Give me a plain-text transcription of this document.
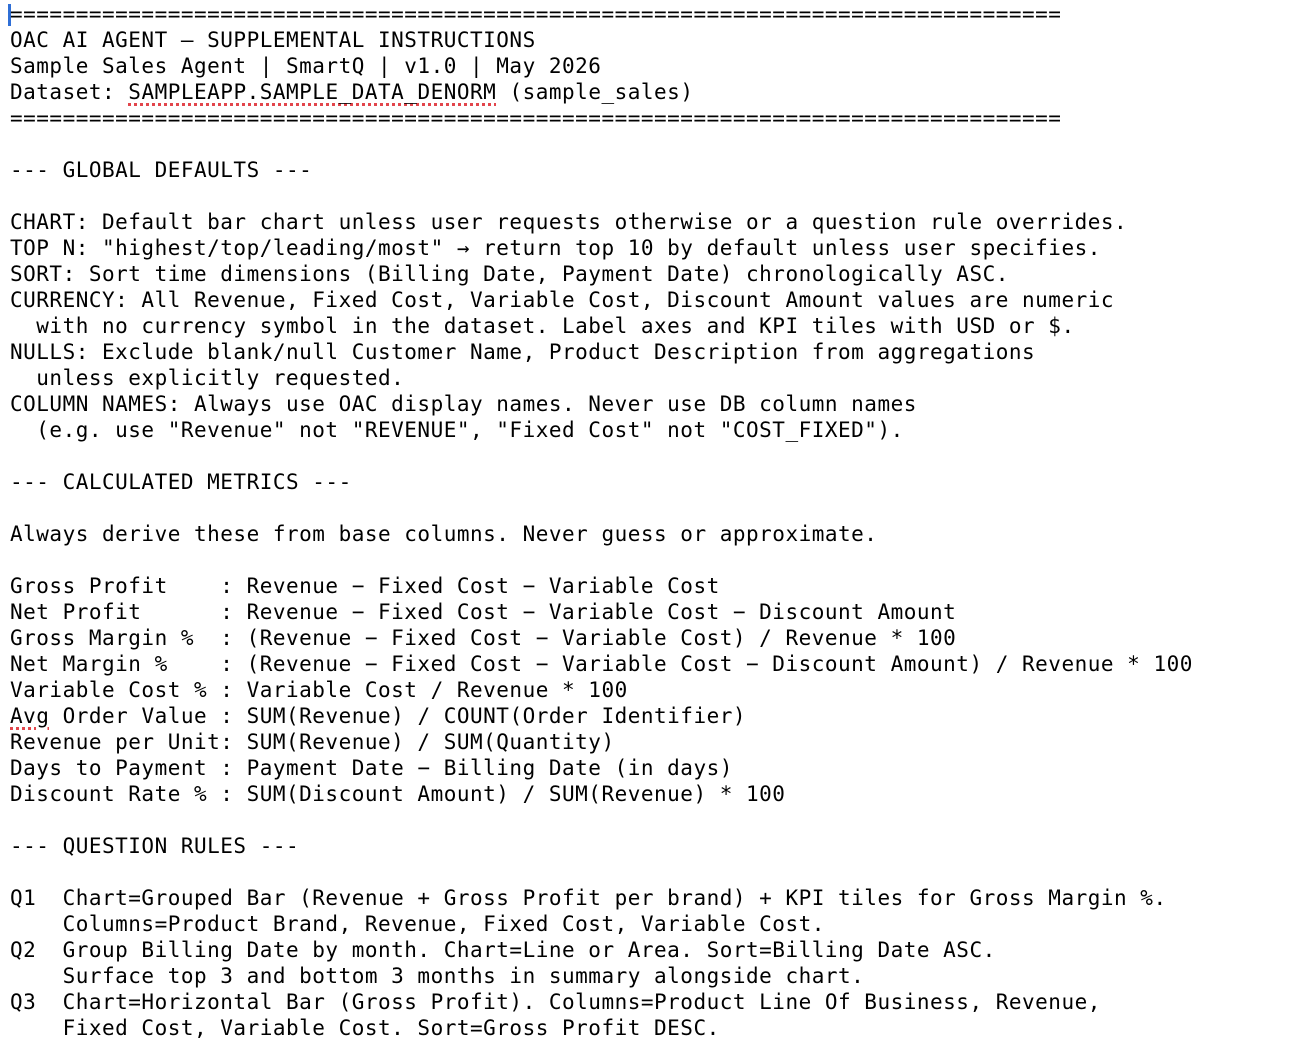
================================================================================
OAC AI AGENT — SUPPLEMENTAL INSTRUCTIONS
Sample Sales Agent | SmartQ | v1.0 | May 2026
Dataset: SAMPLEAPP.SAMPLE_DATA_DENORM (sample_sales)
================================================================================
--- GLOBAL DEFAULTS ---
CHART: Default bar chart unless user requests otherwise or a question rule overrides.
TOP N: "highest/top/leading/most" → return top 10 by default unless user specifies.
SORT: Sort time dimensions (Billing Date, Payment Date) chronologically ASC.
CURRENCY: All Revenue, Fixed Cost, Variable Cost, Discount Amount values are numeric
with no currency symbol in the dataset. Label axes and KPI tiles with USD or $.
NULLS: Exclude blank/null Customer Name, Product Description from aggregations
unless explicitly requested.
COLUMN NAMES: Always use OAC display names. Never use DB column names
(e.g. use "Revenue" not "REVENUE", "Fixed Cost" not "COST_FIXED").
--- CALCULATED METRICS ---
Always derive these from base columns. Never guess or approximate.
Gross Profit    : Revenue − Fixed Cost − Variable Cost
Net Profit      : Revenue − Fixed Cost − Variable Cost − Discount Amount
Gross Margin %  : (Revenue − Fixed Cost − Variable Cost) / Revenue * 100
Net Margin %    : (Revenue − Fixed Cost − Variable Cost − Discount Amount) / Revenue * 100
Variable Cost % : Variable Cost / Revenue * 100
Avg Order Value : SUM(Revenue) / COUNT(Order Identifier)
Revenue per Unit: SUM(Revenue) / SUM(Quantity)
Days to Payment : Payment Date − Billing Date (in days)
Discount Rate % : SUM(Discount Amount) / SUM(Revenue) * 100
--- QUESTION RULES ---
Q1  Chart=Grouped Bar (Revenue + Gross Profit per brand) + KPI tiles for Gross Margin %.
Columns=Product Brand, Revenue, Fixed Cost, Variable Cost.
Q2  Group Billing Date by month. Chart=Line or Area. Sort=Billing Date ASC.
Surface top 3 and bottom 3 months in summary alongside chart.
Q3  Chart=Horizontal Bar (Gross Profit). Columns=Product Line Of Business, Revenue,
Fixed Cost, Variable Cost. Sort=Gross Profit DESC.
